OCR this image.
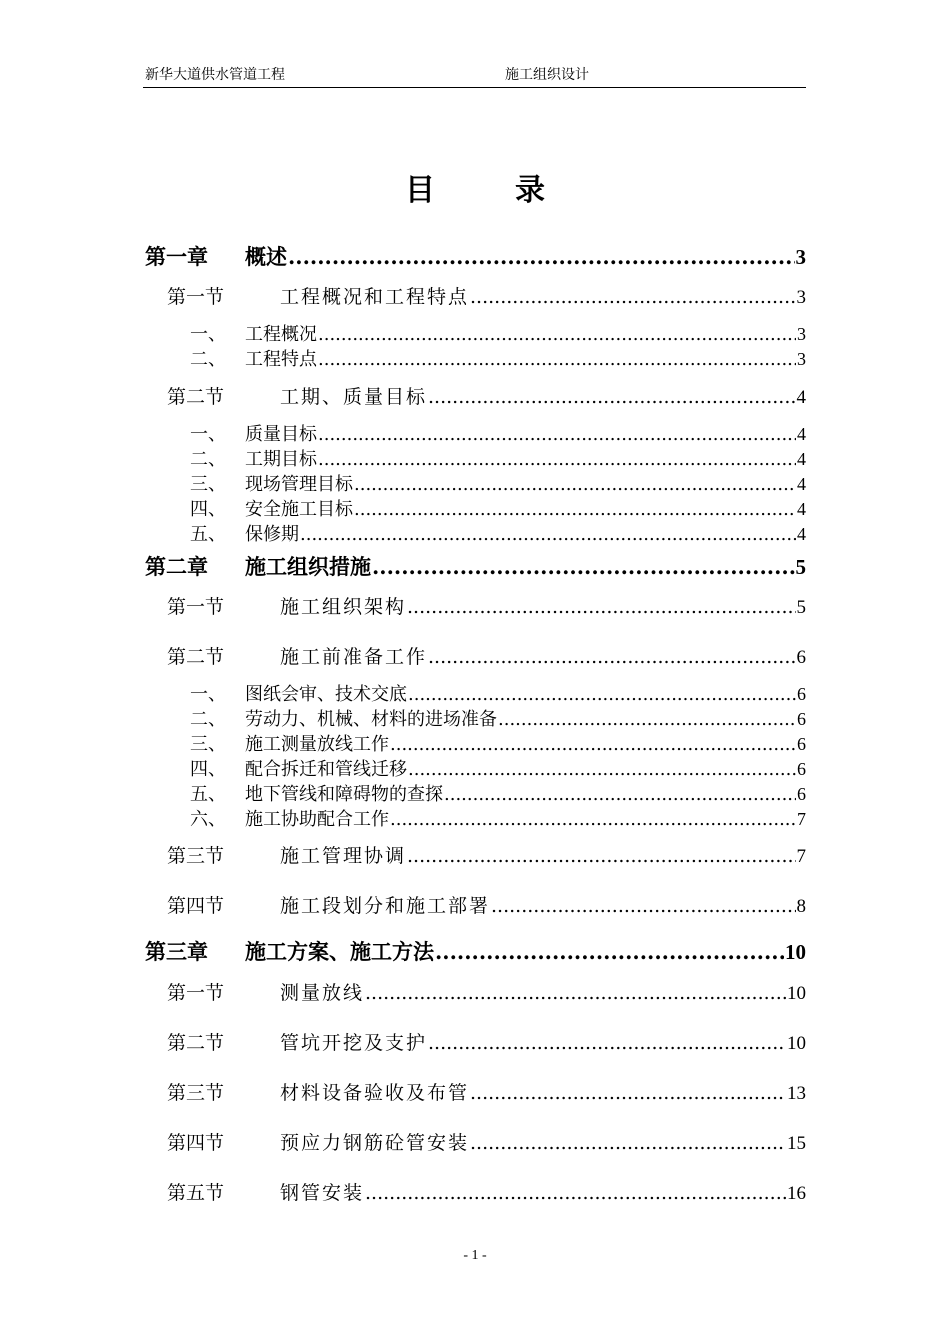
新华大道供水管道工程	施工组织设计
目录
第一章	概述 .....	3
第一节	工程概况和工程特点 .....	3
一、	工程概况 .....	3
二、	工程特点 .....	3
第二节	工期、质量目标 .....	4
一、	质量目标 .....	4
二、	工期目标 .....	4
三、	现场管理目标 .....	4
四、	安全施工目标 .....	4
五、	保修期 .....	4
第二章	施工组织措施 .....	5
第一节	施工组织架构 .....	5
第二节	施工前准备工作 .....	6
一、	图纸会审、技术交底 .....	6
二、	劳动力、机械、材料的进场准备 .....	6
三、	施工测量放线工作 .....	6
四、	配合拆迁和管线迁移 .....	6
五、	地下管线和障碍物的查探 .....	6
六、	施工协助配合工作 .....	7
第三节	施工管理协调 .....	7
第四节	施工段划分和施工部署 .....	8
第三章	施工方案、施工方法 .....	10
第一节	测量放线 .....	10
第二节	管坑开挖及支护 .....	10
第三节	材料设备验收及布管 .....	13
第四节	预应力钢筋砼管安装 .....	15
第五节	钢管安装 .....	16
- 1 -
